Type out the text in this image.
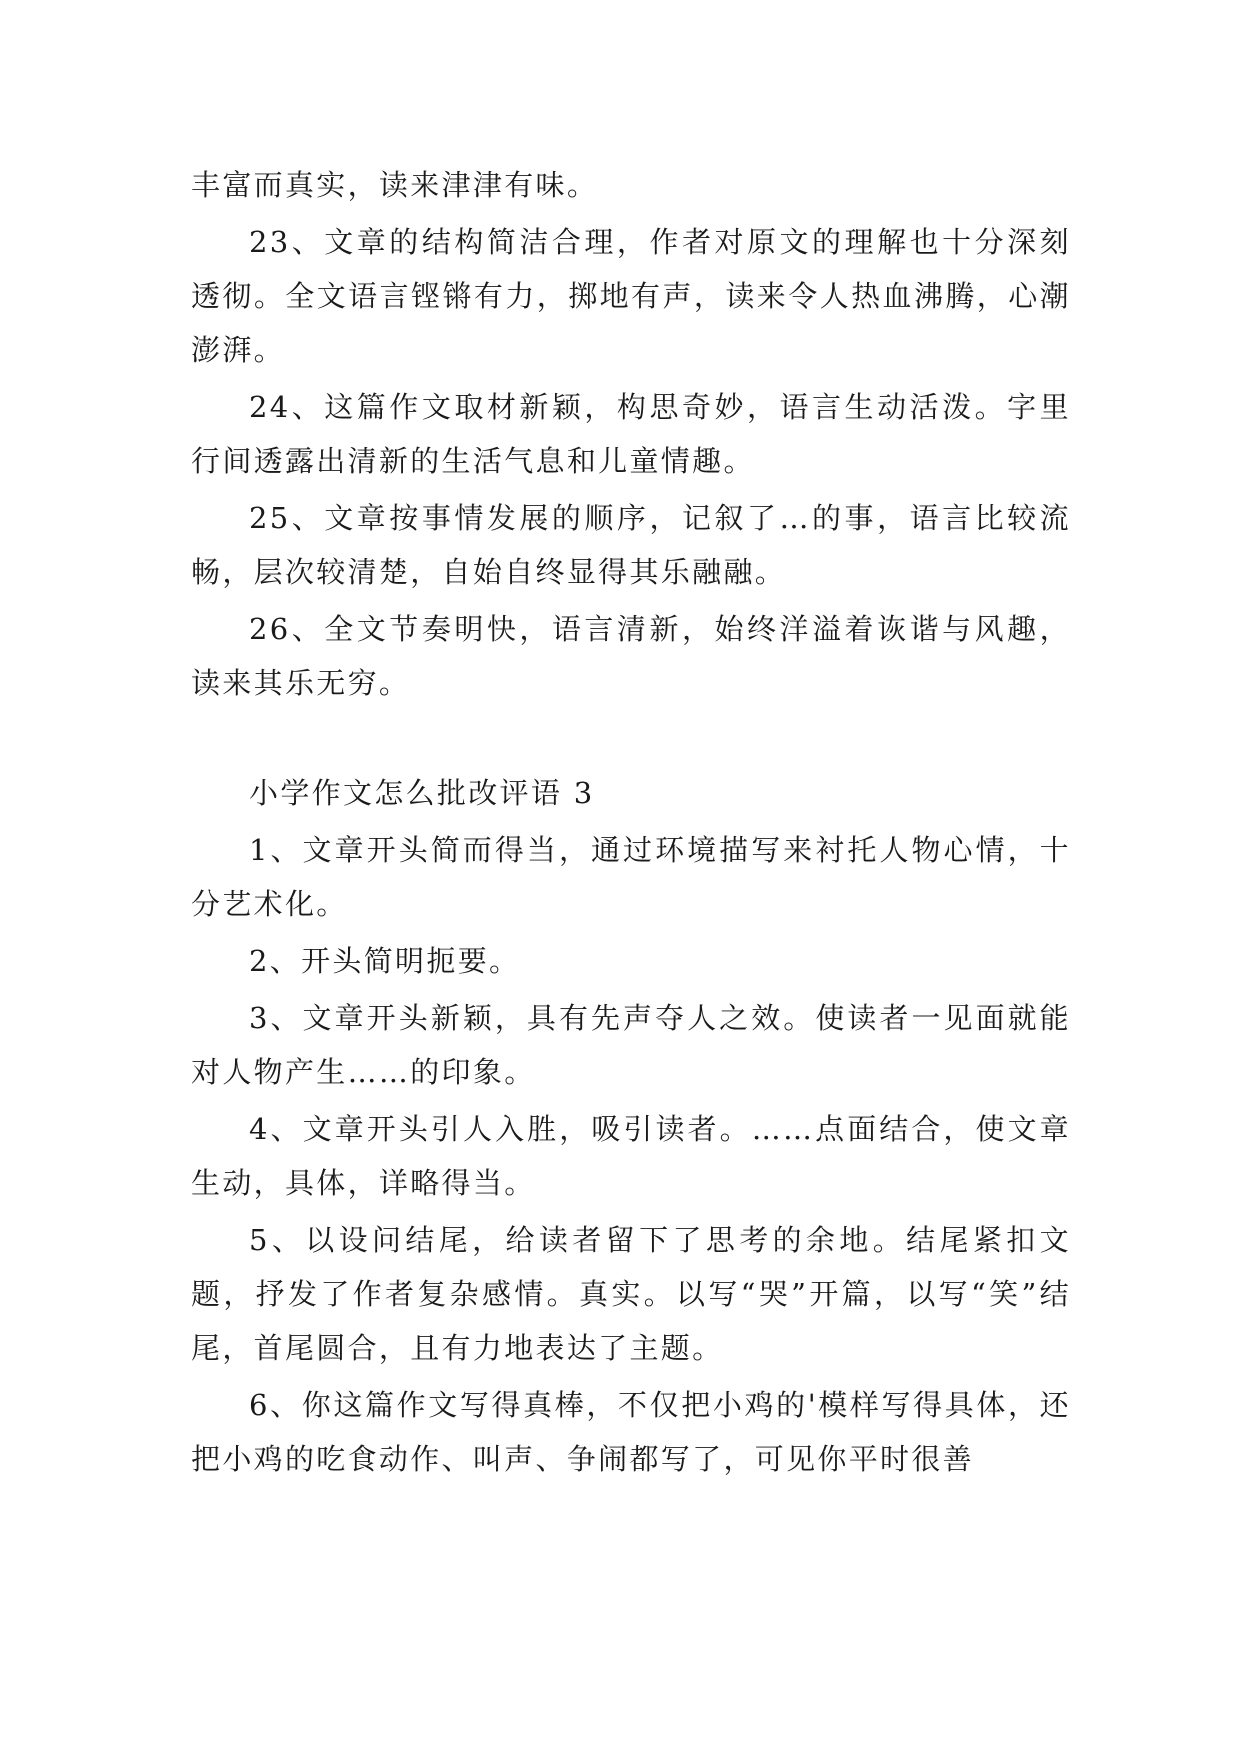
丰富而真实，读来津津有味。

23、文章的结构简洁合理，作者对原文的理解也十分深刻透彻。全文语言铿锵有力，掷地有声，读来令人热血沸腾，心潮澎湃。

24、这篇作文取材新颖，构思奇妙，语言生动活泼。字里行间透露出清新的生活气息和儿童情趣。

25、文章按事情发展的顺序，记叙了…的事，语言比较流畅，层次较清楚，自始自终显得其乐融融。

26、全文节奏明快，语言清新，始终洋溢着诙谐与风趣，读来其乐无穷。

小学作文怎么批改评语 3

1、文章开头简而得当，通过环境描写来衬托人物心情，十分艺术化。

2、开头简明扼要。

3、文章开头新颖，具有先声夺人之效。使读者一见面就能对人物产生……的印象。

4、文章开头引人入胜，吸引读者。……点面结合，使文章生动，具体，详略得当。

5、以设问结尾，给读者留下了思考的余地。结尾紧扣文题，抒发了作者复杂感情。真实。以写“哭”开篇，以写“笑”结尾，首尾圆合，且有力地表达了主题。

6、你这篇作文写得真棒，不仅把小鸡的'模样写得具体，还把小鸡的吃食动作、叫声、争闹都写了，可见你平时很善
